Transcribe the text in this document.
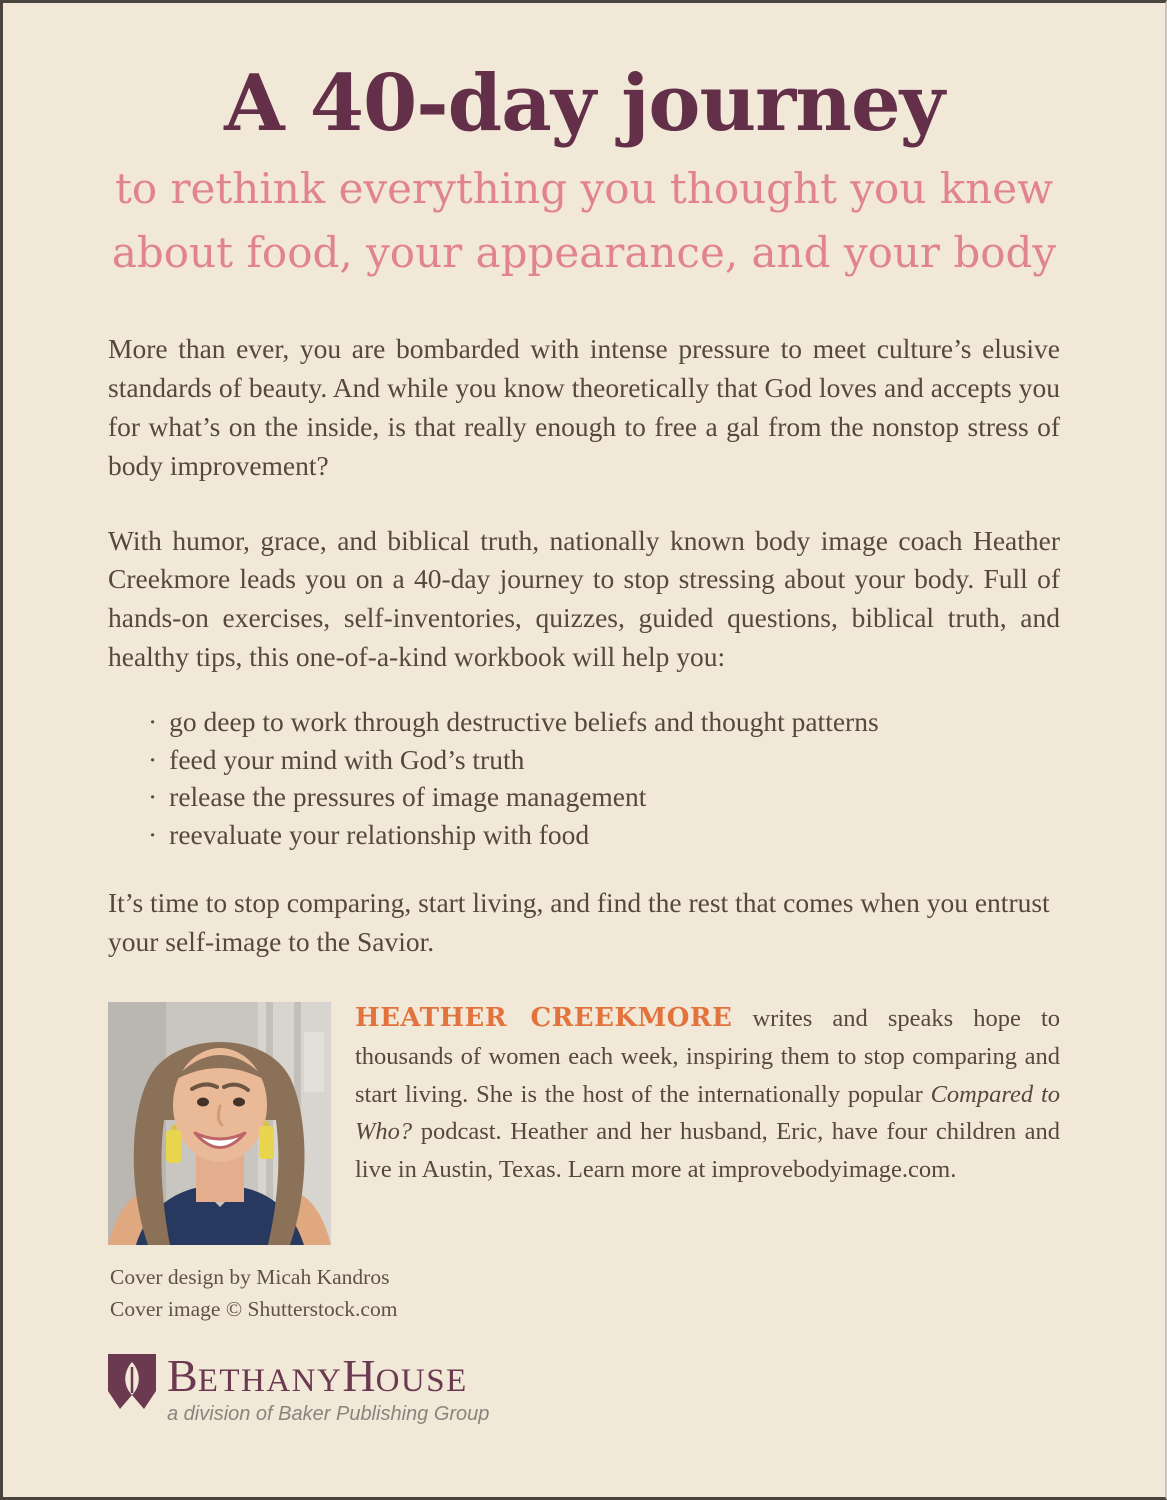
A 40-day journey
to rethink everything you thought you knew
about food, your appearance, and your body

More than ever, you are bombarded with intense pressure to meet culture’s elusive standards of beauty. And while you know theoretically that God loves and accepts you for what’s on the inside, is that really enough to free a gal from the nonstop stress of body improvement?

With humor, grace, and biblical truth, nationally known body image coach Heather Creekmore leads you on a 40-day journey to stop stressing about your body. Full of hands-on exercises, self-inventories, quizzes, guided questions, biblical truth, and healthy tips, this one-of-a-kind workbook will help you:

· go deep to work through destructive beliefs and thought patterns
· feed your mind with God’s truth
· release the pressures of image management
· reevaluate your relationship with food

It’s time to stop comparing, start living, and find the rest that comes when you entrust your self-image to the Savior.

HEATHER CREEKMORE writes and speaks hope to thousands of women each week, inspiring them to stop comparing and start living. She is the host of the internationally popular Compared to Who? podcast. Heather and her husband, Eric, have four children and live in Austin, Texas. Learn more at improvebodyimage.com.

Cover design by Micah Kandros
Cover image © Shutterstock.com
BETHANYHOUSE
a division of Baker Publishing Group
